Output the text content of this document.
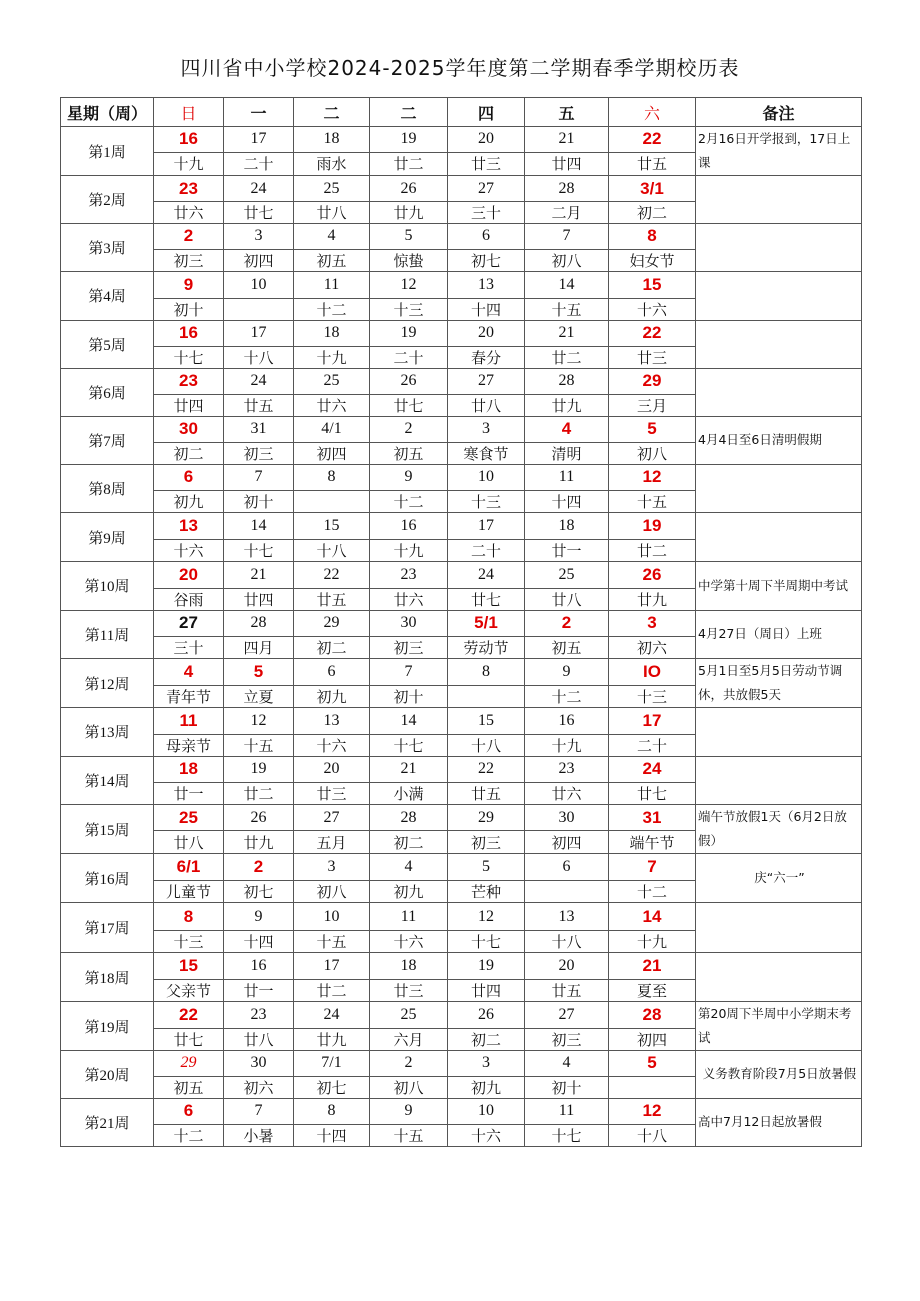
四川省中小学校2024-2025学年度第二学期春季学期校历表
星期（周）	日	一	二	二	四	五	六	备注
第1周	16	17	18	19	20	21	22	2月16日开学报到，17日上课
	十九	二十	雨水	廿二	廿三	廿四	廿五	
第2周	23	24	25	26	27	28	3/1	
	廿六	廿七	廿八	廿九	三十	二月	初二	
第3周	2	3	4	5	6	7	8	
	初三	初四	初五	惊蛰	初七	初八	妇女节	
第4周	9	10	11	12	13	14	15	
	初十		十二	十三	十四	十五	十六	
第5周	16	17	18	19	20	21	22	
	十七	十八	十九	二十	春分	廿二	廿三	
第6周	23	24	25	26	27	28	29	
	廿四	廿五	廿六	廿七	廿八	廿九	三月	
第7周	30	31	4/1	2	3	4	5	4月4日至6日清明假期
	初二	初三	初四	初五	寒食节	清明	初八	
第8周	6	7	8	9	10	11	12	
	初九	初十		十二	十三	十四	十五	
第9周	13	14	15	16	17	18	19	
	十六	十七	十八	十九	二十	廿一	廿二	
第10周	20	21	22	23	24	25	26	中学第十周下半周期中考试
	谷雨	廿四	廿五	廿六	廿七	廿八	廿九	
第11周	27	28	29	30	5/1	2	3	4月27日（周日）上班
	三十	四月	初二	初三	劳动节	初五	初六	
第12周	4	5	6	7	8	9	IO	5月1日至5月5日劳动节调休，共放假5天
	青年节	立夏	初九	初十		十二	十三	
第13周	11	12	13	14	15	16	17	
	母亲节	十五	十六	十七	十八	十九	二十	
第14周	18	19	20	21	22	23	24	
	廿一	廿二	廿三	小满	廿五	廿六	廿七	
第15周	25	26	27	28	29	30	31	端午节放假1天（6月2日放假）
	廿八	廿九	五月	初二	初三	初四	端午节	
第16周	6/1	2	3	4	5	6	7	庆“六一”
	儿童节	初七	初八	初九	芒种		十二	
第17周	8	9	10	11	12	13	14	
	十三	十四	十五	十六	十七	十八	十九	
第18周	15	16	17	18	19	20	21	
	父亲节	廿一	廿二	廿三	廿四	廿五	夏至	
第19周	22	23	24	25	26	27	28	第20周下半周中小学期末考试
	廿七	廿八	廿九	六月	初二	初三	初四	
第20周	29	30	7/1	2	3	4	5	义务教育阶段7月5日放暑假
	初五	初六	初七	初八	初九	初十		
第21周	6	7	8	9	10	11	12	高中7月12日起放暑假
	十二	小暑	十四	十五	十六	十七	十八	
